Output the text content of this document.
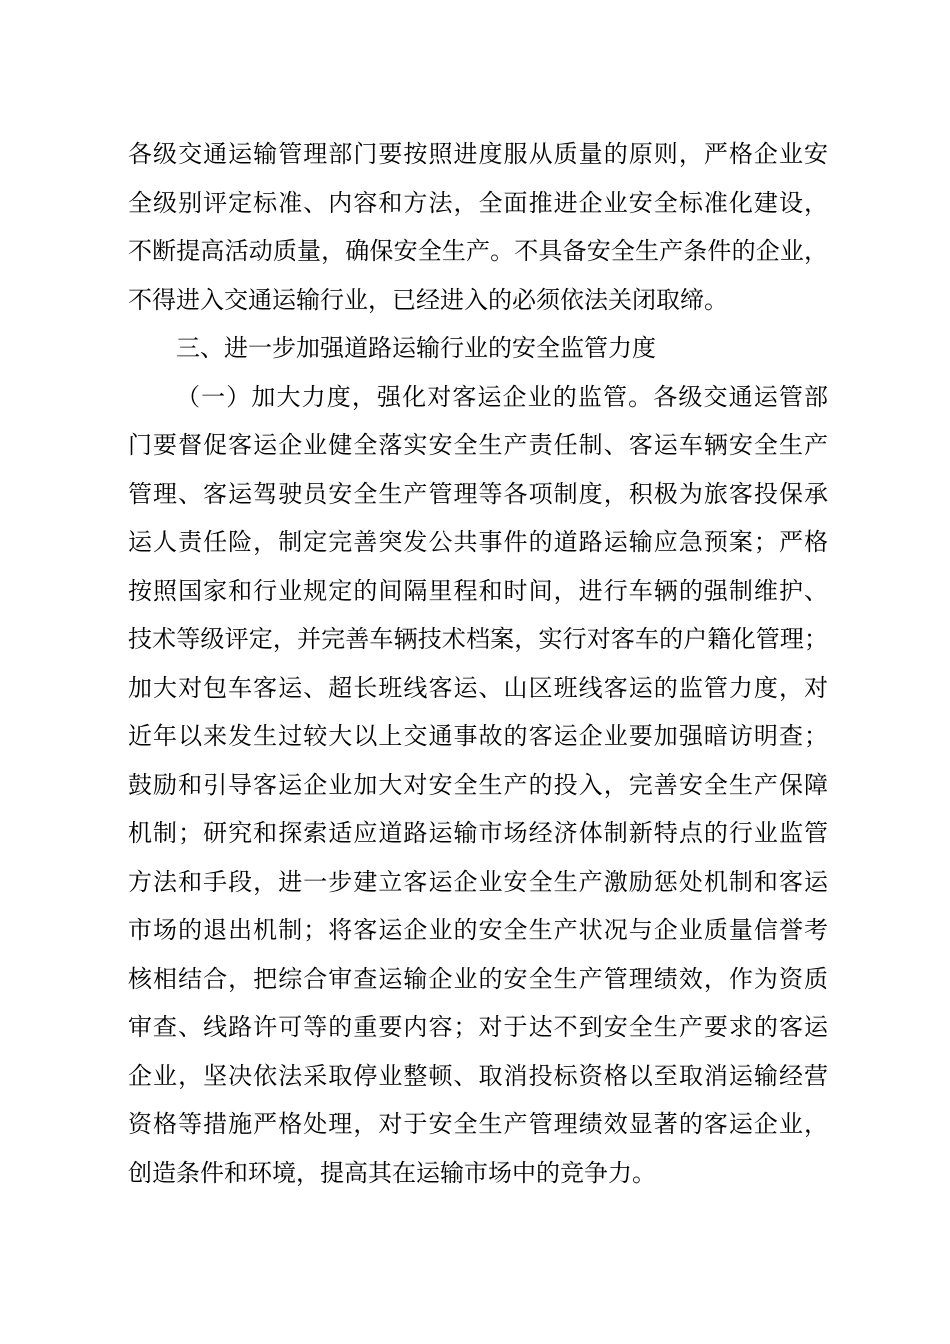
各级交通运输管理部门要按照进度服从质量的原则，严格企业安
全级别评定标准、内容和方法，全面推进企业安全标准化建设，
不断提高活动质量，确保安全生产。不具备安全生产条件的企业，
不得进入交通运输行业，已经进入的必须依法关闭取缔。
三、进一步加强道路运输行业的安全监管力度
（一）加大力度，强化对客运企业的监管。各级交通运管部
门要督促客运企业健全落实安全生产责任制、客运车辆安全生产
管理、客运驾驶员安全生产管理等各项制度，积极为旅客投保承
运人责任险，制定完善突发公共事件的道路运输应急预案；严格
按照国家和行业规定的间隔里程和时间，进行车辆的强制维护、
技术等级评定，并完善车辆技术档案，实行对客车的户籍化管理；
加大对包车客运、超长班线客运、山区班线客运的监管力度，对
近年以来发生过较大以上交通事故的客运企业要加强暗访明查；
鼓励和引导客运企业加大对安全生产的投入，完善安全生产保障
机制；研究和探索适应道路运输市场经济体制新特点的行业监管
方法和手段，进一步建立客运企业安全生产激励惩处机制和客运
市场的退出机制；将客运企业的安全生产状况与企业质量信誉考
核相结合，把综合审查运输企业的安全生产管理绩效，作为资质
审查、线路许可等的重要内容；对于达不到安全生产要求的客运
企业，坚决依法采取停业整顿、取消投标资格以至取消运输经营
资格等措施严格处理，对于安全生产管理绩效显著的客运企业，
创造条件和环境，提高其在运输市场中的竞争力。
